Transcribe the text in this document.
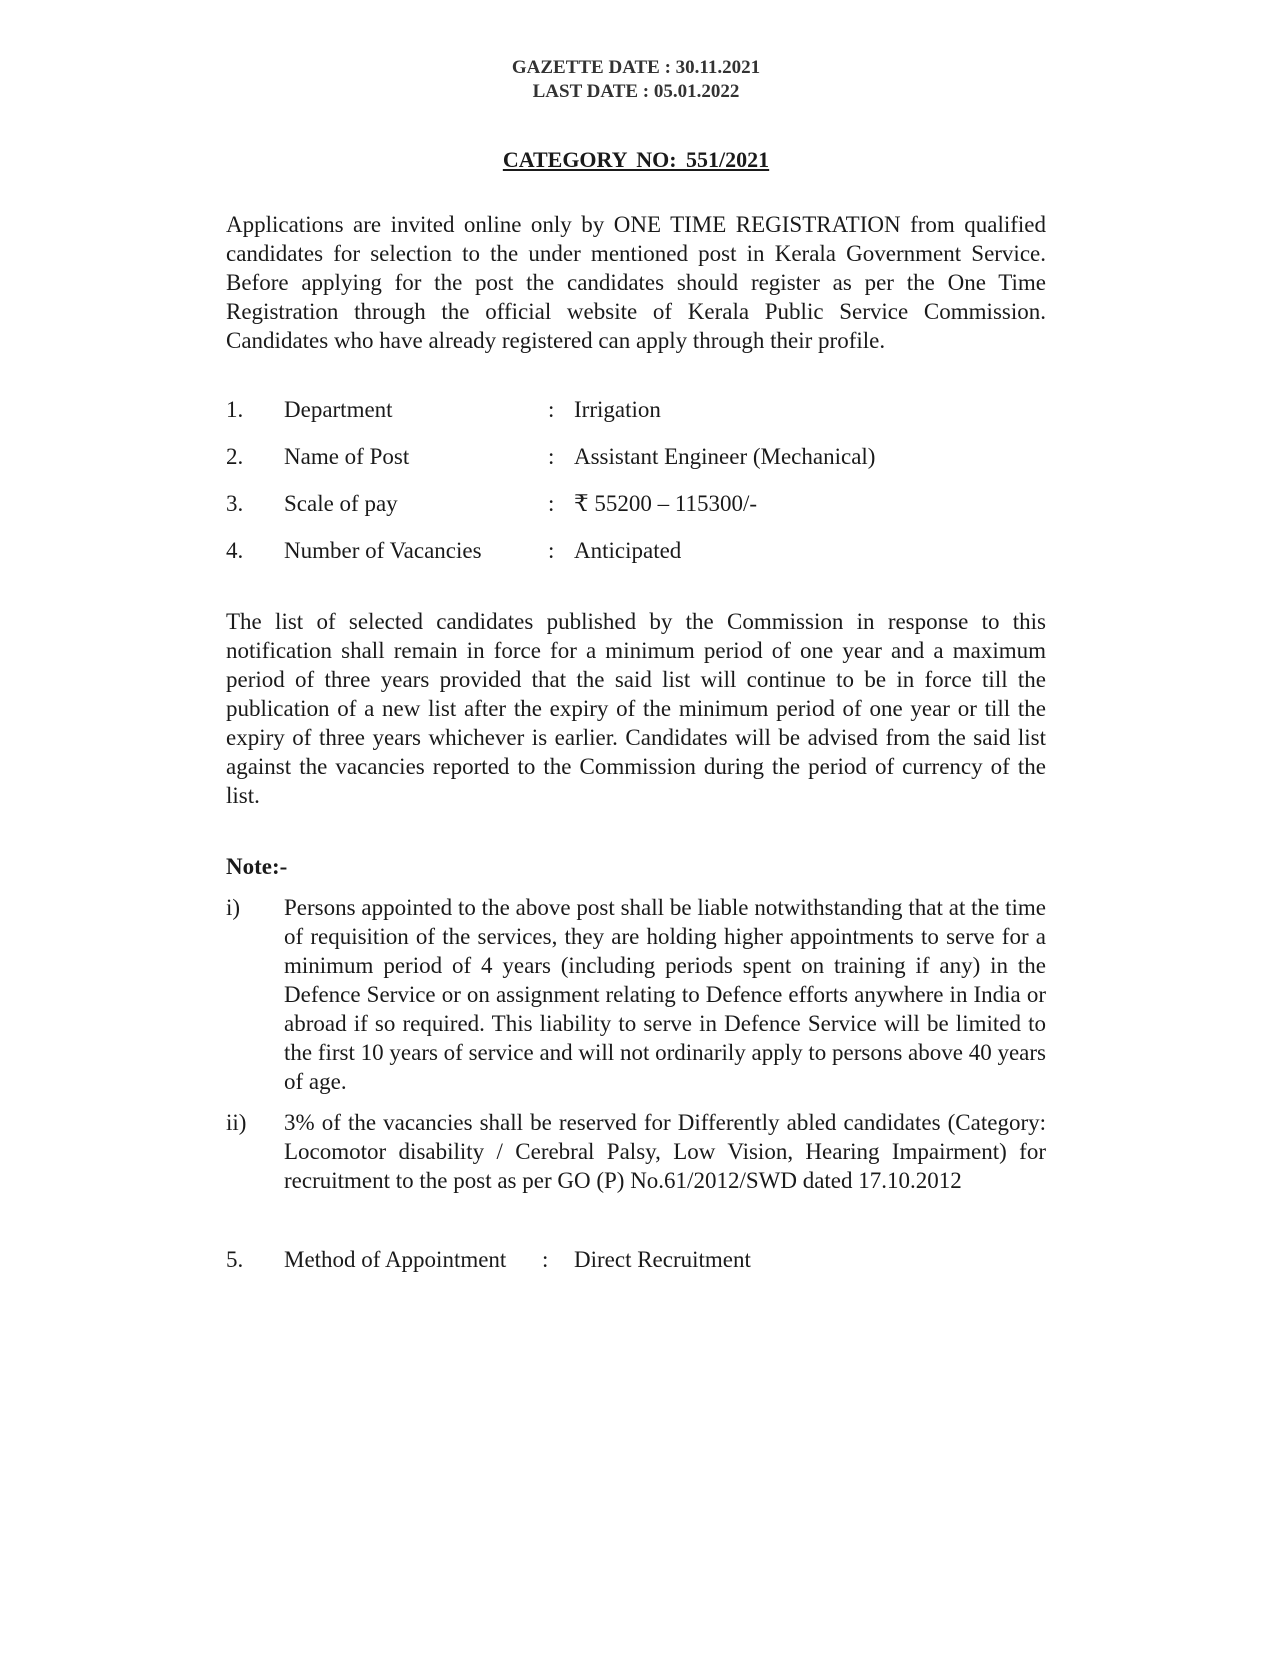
GAZETTE DATE : 30.11.2021
LAST DATE : 05.01.2022
CATEGORY NO: 551/2021

Applications are invited online only by ONE TIME REGISTRATION from qualified candidates for selection to the under mentioned post in Kerala Government Service. Before applying for the post the candidates should register as per the One Time Registration through the official website of Kerala Public Service Commission. Candidates who have already registered can apply through their profile.

1.	Department	: Irrigation
2.	Name of Post	: Assistant Engineer (Mechanical)
3.	Scale of pay	: ₹ 55200 – 115300/-
4.	Number of Vacancies	: Anticipated

The list of selected candidates published by the Commission in response to this notification shall remain in force for a minimum period of one year and a maximum period of three years provided that the said list will continue to be in force till the publication of a new list after the expiry of the minimum period of one year or till the expiry of three years whichever is earlier. Candidates will be advised from the said list against the vacancies reported to the Commission during the period of currency of the list.

Note:-
i)	Persons appointed to the above post shall be liable notwithstanding that at the time of requisition of the services, they are holding higher appointments to serve for a minimum period of 4 years (including periods spent on training if any) in the Defence Service or on assignment relating to Defence efforts anywhere in India or abroad if so required. This liability to serve in Defence Service will be limited to the first 10 years of service and will not ordinarily apply to persons above 40 years of age.

ii)	3% of the vacancies shall be reserved for Differently abled candidates (Category: Locomotor disability / Cerebral Palsy, Low Vision, Hearing Impairment) for recruitment to the post as per GO (P) No.61/2012/SWD dated 17.10.2012

5.	Method of Appointment	:	Direct Recruitment
